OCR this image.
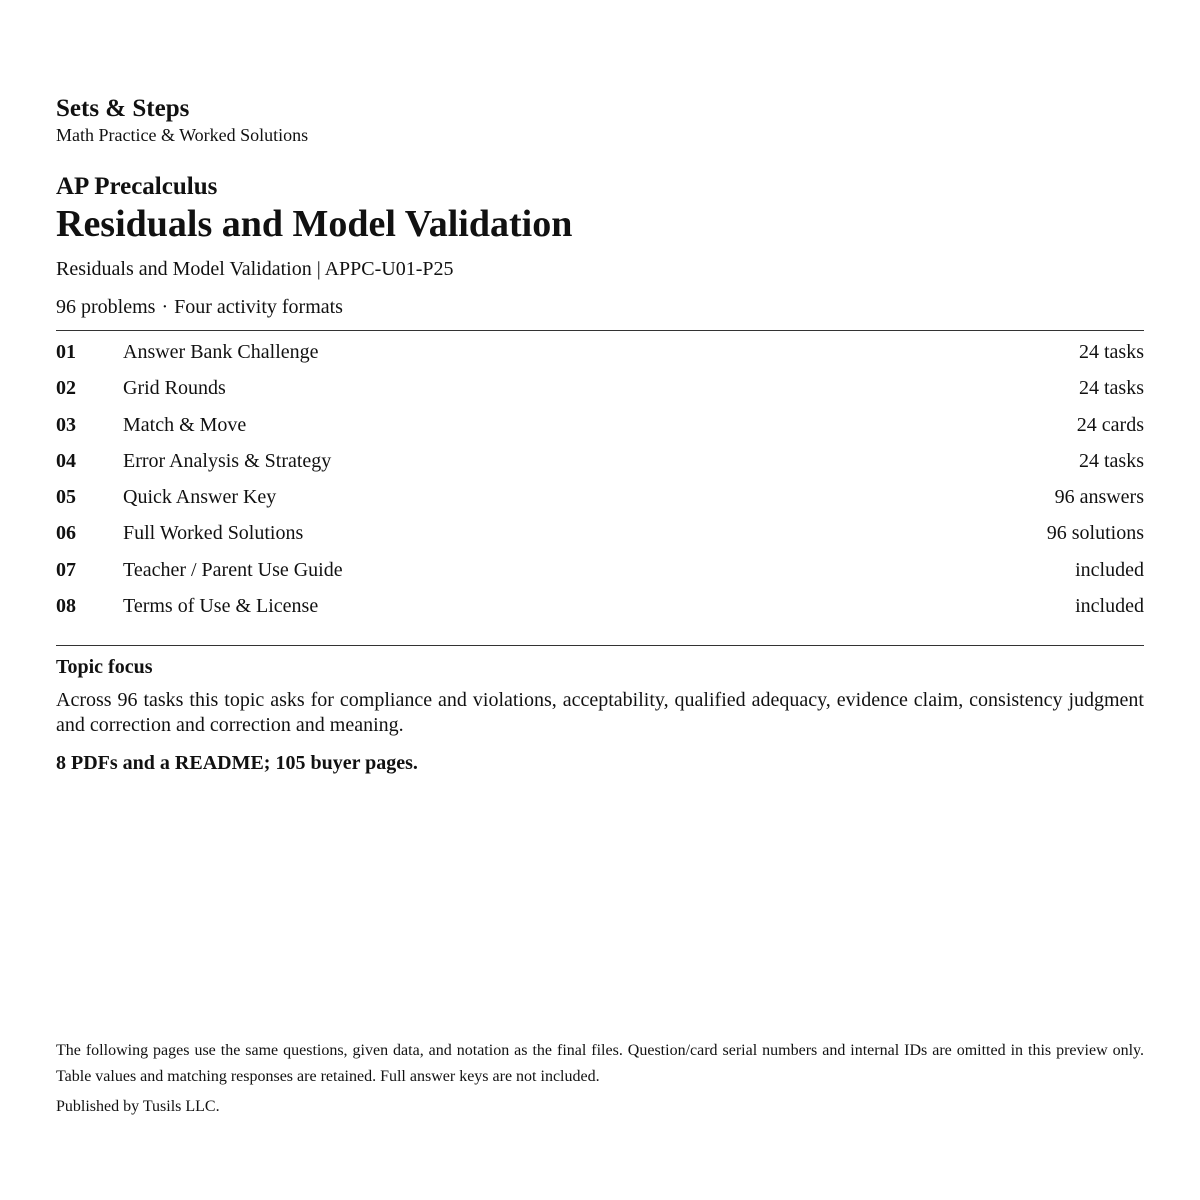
Sets & Steps

Math Practice & Worked Solutions

AP Precalculus

Residuals and Model Validation

Residuals and Model Validation | APPC-U01-P25

96 problems · Four activity formats

01	Answer Bank Challenge	24 tasks
02	Grid Rounds	24 tasks
03	Match & Move	24 cards
04	Error Analysis & Strategy	24 tasks
05	Quick Answer Key	96 answers
06	Full Worked Solutions	96 solutions
07	Teacher / Parent Use Guide	included
08	Terms of Use & License	included

Topic focus

Across 96 tasks this topic asks for compliance and violations, acceptability, qualified adequacy, evidence claim, consistency judgment and correction and correction and meaning.

8 PDFs and a README; 105 buyer pages.

The following pages use the same questions, given data, and notation as the final files. Question/card serial numbers and internal IDs are omitted in this preview only. Table values and matching responses are retained. Full answer keys are not included.

Published by Tusils LLC.
